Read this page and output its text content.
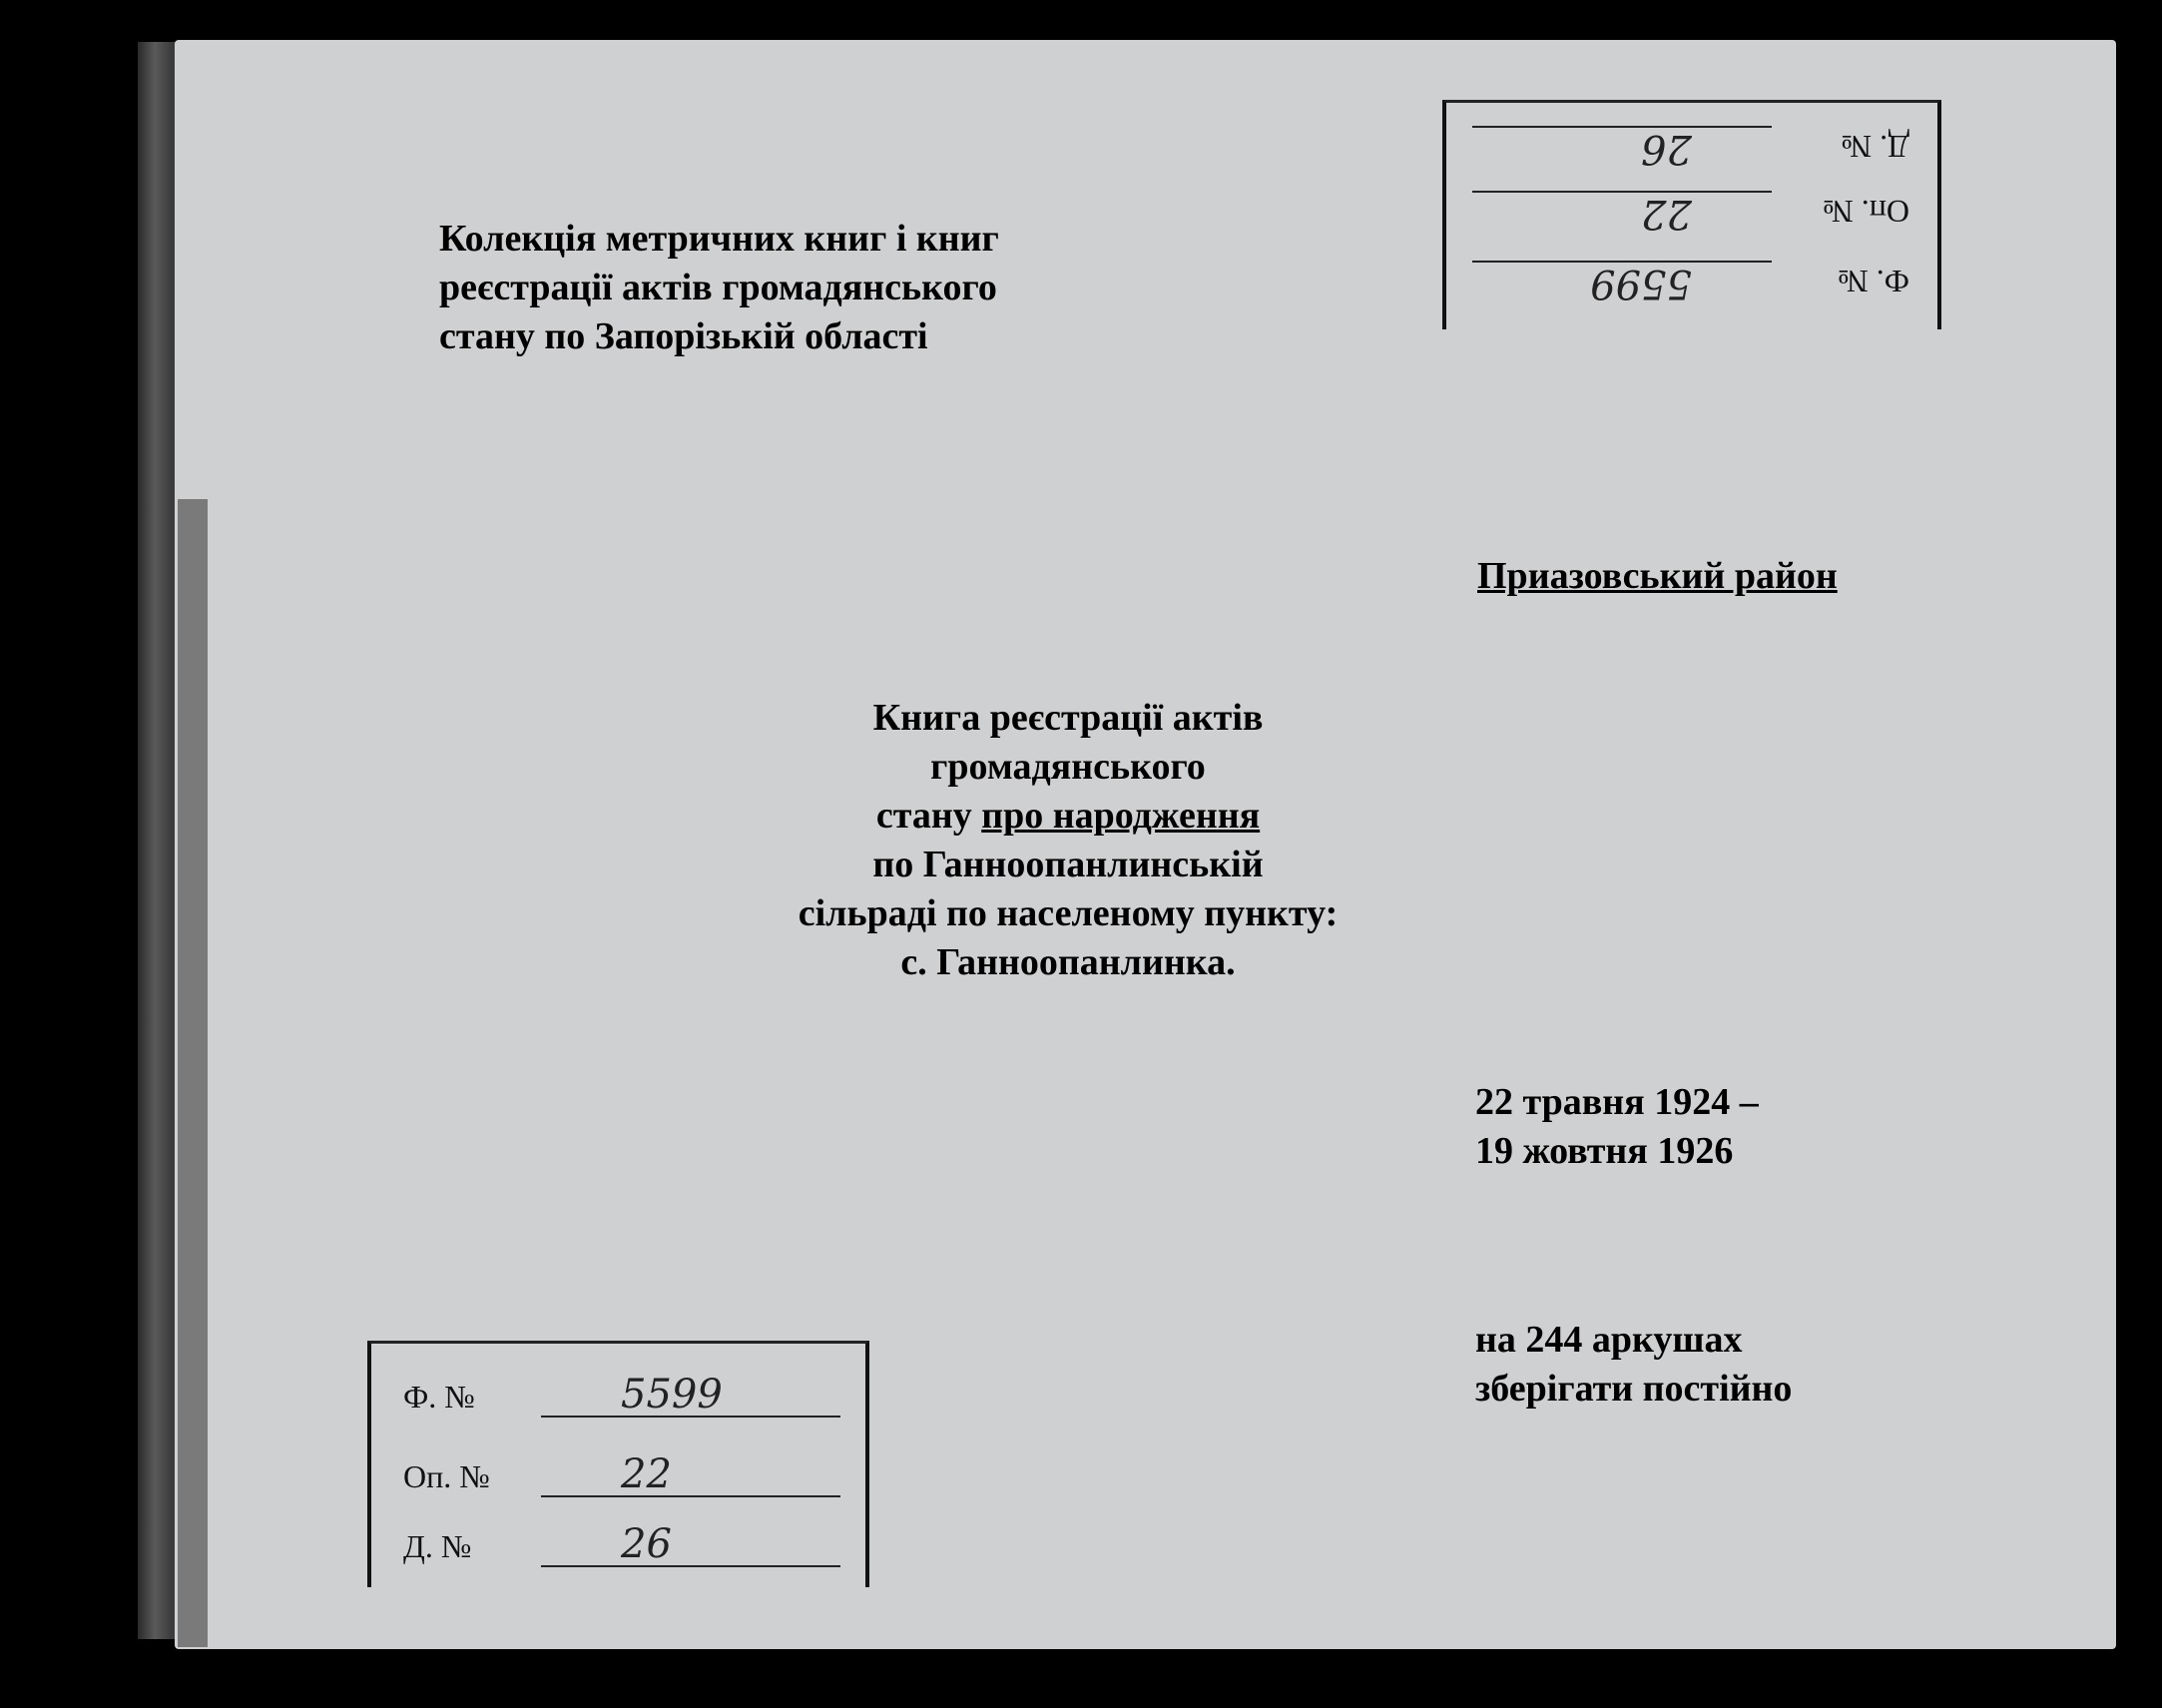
Колекція метричних книг і книг
реєстрації актів громадянського
стану по Запорізькій області
Приазовський район
Книга реєстрації актів громадянського
стану про народження
по Ганноопанлинській
сільраді по населеному пункту:
с. Ганноопанлинка.
22 травня 1924 –
19 жовтня 1926
на 244 аркушах
зберігати постійно
Ф. №	5599
Оп. №	22
Д. №	26
Ф. №
5599
Оп. №
22
Д. №
26
